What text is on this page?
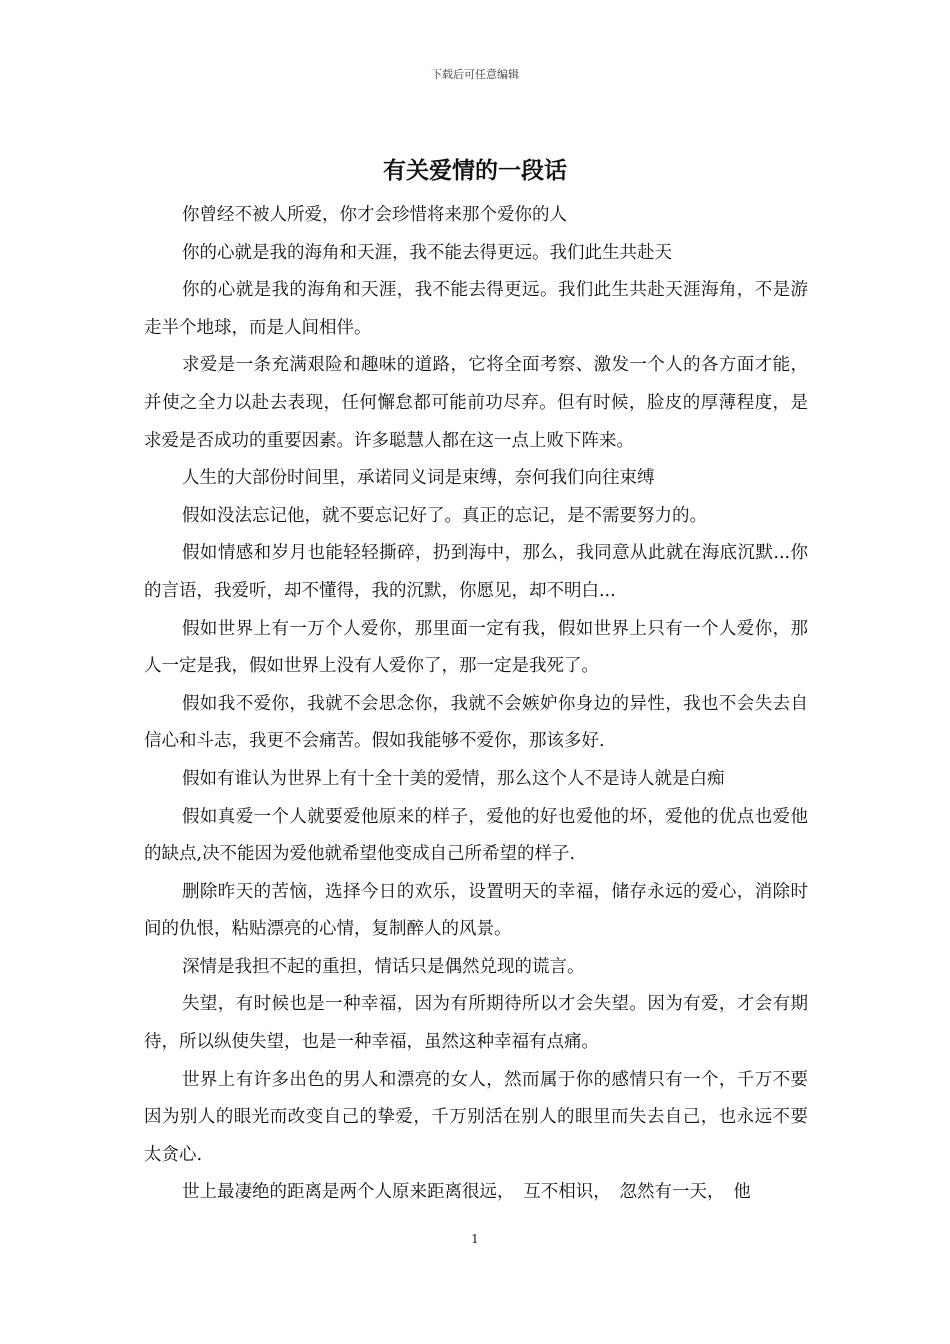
下载后可任意编辑
有关爱情的一段话

你曾经不被人所爱，你才会珍惜将来那个爱你的人

你的心就是我的海角和天涯，我不能去得更远。我们此生共赴天

你的心就是我的海角和天涯，我不能去得更远。我们此生共赴天涯海角，不是游走半个地球，而是人间相伴。

求爱是一条充满艰险和趣味的道路，它将全面考察、激发一个人的各方面才能，并使之全力以赴去表现，任何懈怠都可能前功尽弃。但有时候，脸皮的厚薄程度，是求爱是否成功的重要因素。许多聪慧人都在这一点上败下阵来。

人生的大部份时间里，承诺同义词是束缚，奈何我们向往束缚

假如没法忘记他，就不要忘记好了。真正的忘记，是不需要努力的。

假如情感和岁月也能轻轻撕碎，扔到海中，那么，我同意从此就在海底沉默...你的言语，我爱听，却不懂得，我的沉默，你愿见，却不明白...

假如世界上有一万个人爱你，那里面一定有我，假如世界上只有一个人爱你，那人一定是我，假如世界上没有人爱你了，那一定是我死了。

假如我不爱你，我就不会思念你，我就不会嫉妒你身边的异性，我也不会失去自信心和斗志，我更不会痛苦。假如我能够不爱你，那该多好.

假如有谁认为世界上有十全十美的爱情，那么这个人不是诗人就是白痴

假如真爱一个人就要爱他原来的样子，爱他的好也爱他的坏，爱他的优点也爱他的缺点,决不能因为爱他就希望他变成自己所希望的样子.

删除昨天的苦恼，选择今日的欢乐，设置明天的幸福，储存永远的爱心，消除时间的仇恨，粘贴漂亮的心情，复制醉人的风景。

深情是我担不起的重担，情话只是偶然兑现的谎言。

失望，有时候也是一种幸福，因为有所期待所以才会失望。因为有爱，才会有期待，所以纵使失望，也是一种幸福，虽然这种幸福有点痛。

世界上有许多出色的男人和漂亮的女人，然而属于你的感情只有一个，千万不要因为别人的眼光而改变自己的挚爱，千万别活在别人的眼里而失去自己，也永远不要太贪心.

世上最凄绝的距离是两个人原来距离很远，　互不相识，　忽然有一天，　他

1
